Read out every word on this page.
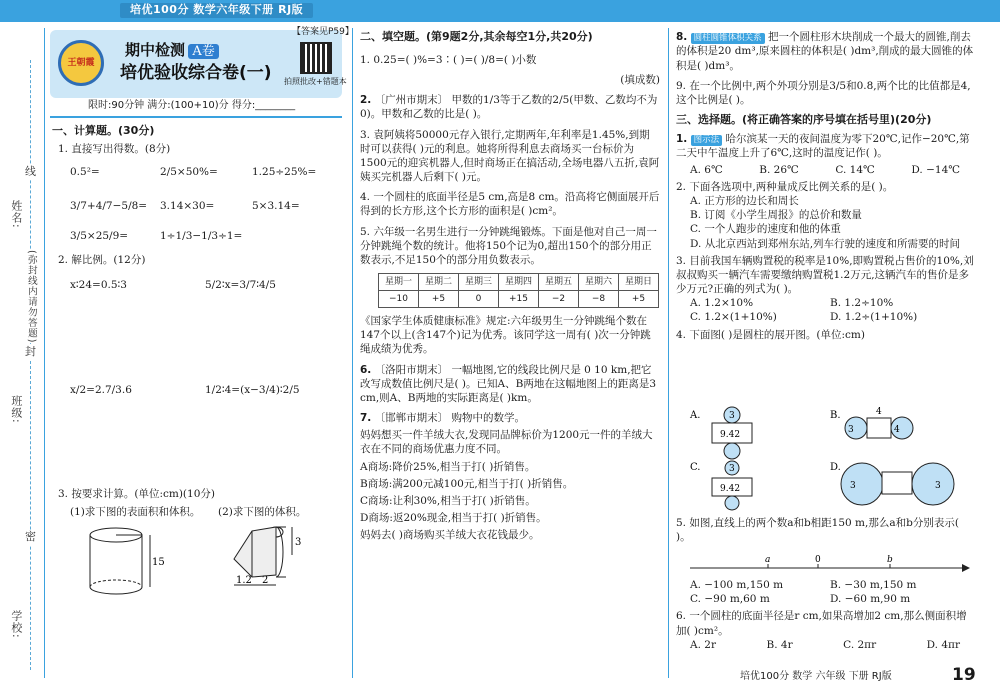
培优100分 数学六年级下册 RJ版
姓名:
班级:
学校:
线
封
密
(弥封线内请勿答题)
王朝霞
期中检测 A卷
培优验收综合卷(一)
【答案见P59】
拍照批改+错题本
限时:90分钟 满分:(100+10)分 得分:________
一、计算题。(30分)
1. 直接写出得数。(8分)
0.5²=	2/5×50%=	1.25÷25%=
3/7+4/7−5/8= 3.14×30=	5×3.14=
3/5×25/9=	1÷1/3−1/3÷1=
2. 解比例。(12分)
x∶24=0.5∶3	5/2∶x=3/7∶4/5
x/2=2.7/3.6	1/2∶4=(x−3/4)∶2/5
3. 按要求计算。(单位:cm)(10分)
(1)求下图的表面积和体积。 (2)求下图的体积。
15
3
1.2 2
二、填空题。(第9题2分,其余每空1分,共20分)
1. 0.25=( )%=3∶( )=( )/8=( )小数
(填成数)
2. 〔广州市期末〕 甲数的1/3等于乙数的2/5(甲数、乙数均不为0)。甲数和乙数的比是( )。
3. 袁阿姨将50000元存入银行,定期两年,年利率是1.45%,到期时可以获得( )元的利息。她将所得利息去商场买一台标价为1500元的迎宾机器人,但时商场正在搞活动,全场电器八五折,袁阿姨买完机器人后剩下( )元。
4. 一个圆柱的底面半径是5 cm,高是8 cm。沿高将它侧面展开后得到的长方形,这个长方形的面积是( )cm²。
5. 六年级一名男生进行一分钟跳绳锻炼。下面是他对自己一周一分钟跳绳个数的统计。他将150个记为0,超出150个的部分用正数表示,不足150个的部分用负数表示。
星期一	星期二	星期三	星期四	星期五	星期六	星期日
−10	+5	0	+15	−2	−8	+5
《国家学生体质健康标准》规定:六年级男生一分钟跳绳个数在147个以上(含147个)记为优秀。该同学这一周有( )次一分钟跳绳成绩为优秀。
6. 〔洛阳市期末〕 一幅地图,它的线段比例尺是 0 10 km,把它改写成数值比例尺是( )。已知A、B两地在这幅地图上的距离是3 cm,则A、B两地的实际距离是( )km。
7. 〔邯郸市期末〕 购物中的数学。
妈妈想买一件羊绒大衣,发现同品牌标价为1200元一件的羊绒大衣在不同的商场优惠力度不同。
A商场:降价25%,相当于打( )折销售。
B商场:满200元减100元,相当于打( )折销售。
C商场:让利30%,相当于打( )折销售。
D商场:返20%现金,相当于打( )折销售。
妈妈去( )商场购买羊绒大衣花钱最少。
8. 圆柱圆锥体积关系 把一个圆柱形木块削成一个最大的圆锥,削去的体积是20 dm³,原来圆柱的体积是( )dm³,削成的最大圆锥的体积是( )dm³。
9. 在一个比例中,两个外项分别是3/5和0.8,两个比的比值都是4,这个比例是( )。
三、选择题。(将正确答案的序号填在括号里)(20分)
1. 图示法 哈尔滨某一天的夜间温度为零下20℃,记作−20℃,第二天中午温度上升了6℃,这时的温度记作( )。
A. 6℃	B. 26℃	C. 14℃	D. −14℃
2. 下面各选项中,两种量成反比例关系的是( )。
A. 正方形的边长和周长
B. 订阅《小学生周报》的总价和数量
C. 一个人跑步的速度和他的体重
D. 从北京西站到郑州东站,列车行驶的速度和所需要的时间
3. 目前我国车辆购置税的税率是10%,即购置税占售价的10%,刘叔叔购买一辆汽车需要缴纳购置税1.2万元,这辆汽车的售价是多少万元?正确的列式为( )。
A. 1.2×10%	B. 1.2÷10%
C. 1.2×(1+10%)	D. 1.2÷(1+10%)
4. 下面图( )是圆柱的展开图。(单位:cm)
A.	3
9.42
B.	4
3	4
C.	3
9.42
D.
3	3
5. 如图,直线上的两个数a和b相距150 m,那么a和b分别表示( )。
a	0	b
A. −100 m,150 m	B. −30 m,150 m
C. −90 m,60 m	D. −60 m,90 m
6. 一个圆柱的底面半径是r cm,如果高增加2 cm,那么侧面积增加( )cm²。
A. 2r	B. 4r	C. 2πr	D. 4πr
培优100分 数学 六年级 下册 RJ版	19
